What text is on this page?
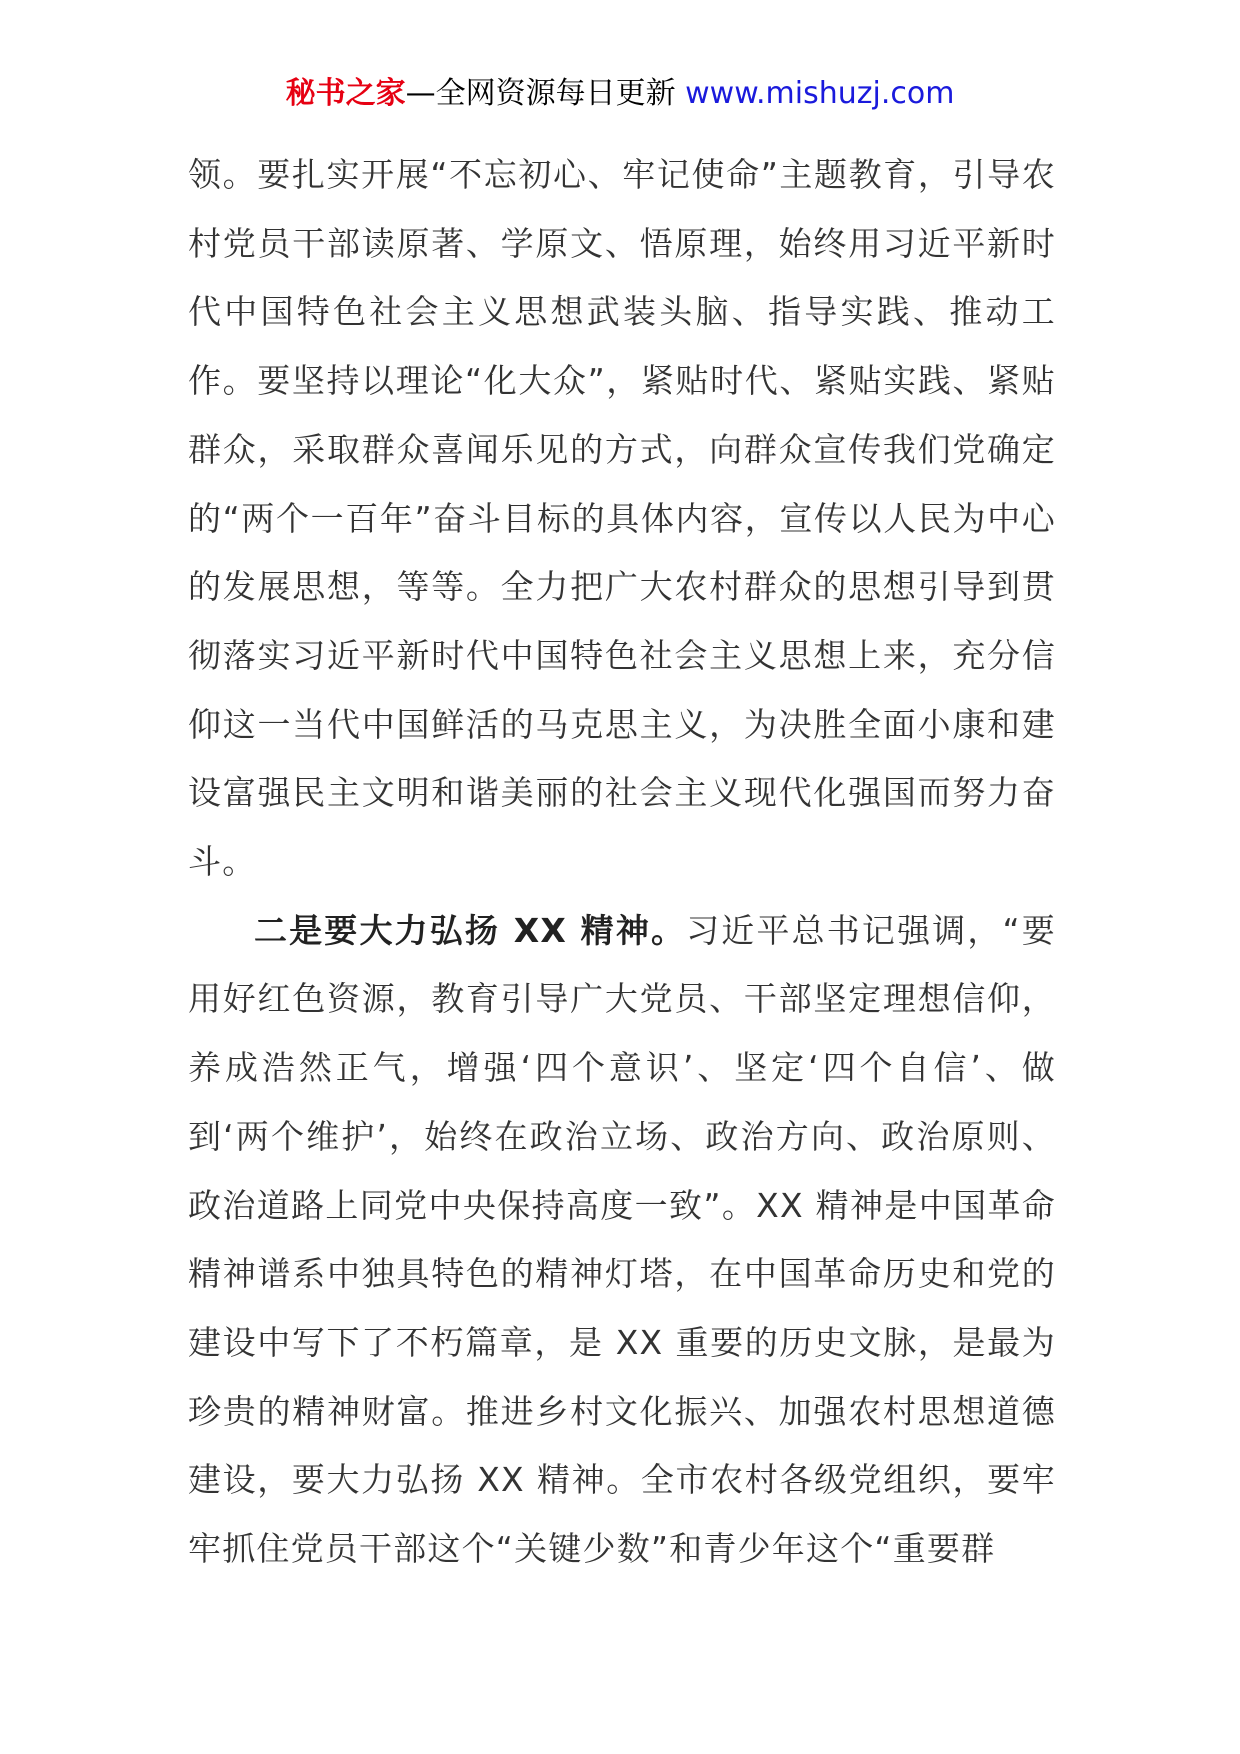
秘书之家—全网资源每日更新 www.mishuzj.com

领。要扎实开展“不忘初心、牢记使命”主题教育，引导农村党员干部读原著、学原文、悟原理，始终用习近平新时代中国特色社会主义思想武装头脑、指导实践、推动工作。要坚持以理论“化大众”，紧贴时代、紧贴实践、紧贴群众，采取群众喜闻乐见的方式，向群众宣传我们党确定的“两个一百年”奋斗目标的具体内容，宣传以人民为中心的发展思想，等等。全力把广大农村群众的思想引导到贯彻落实习近平新时代中国特色社会主义思想上来，充分信仰这一当代中国鲜活的马克思主义，为决胜全面小康和建设富强民主文明和谐美丽的社会主义现代化强国而努力奋斗。

二是要大力弘扬 XX 精神。习近平总书记强调，“要用好红色资源，教育引导广大党员、干部坚定理想信仰，养成浩然正气，增强‘四个意识’、坚定‘四个自信’、做到‘两个维护’，始终在政治立场、政治方向、政治原则、政治道路上同党中央保持高度一致”。XX 精神是中国革命精神谱系中独具特色的精神灯塔，在中国革命历史和党的建设中写下了不朽篇章，是 XX 重要的历史文脉，是最为珍贵的精神财富。推进乡村文化振兴、加强农村思想道德建设，要大力弘扬 XX 精神。全市农村各级党组织，要牢牢抓住党员干部这个“关键少数”和青少年这个“重要群
